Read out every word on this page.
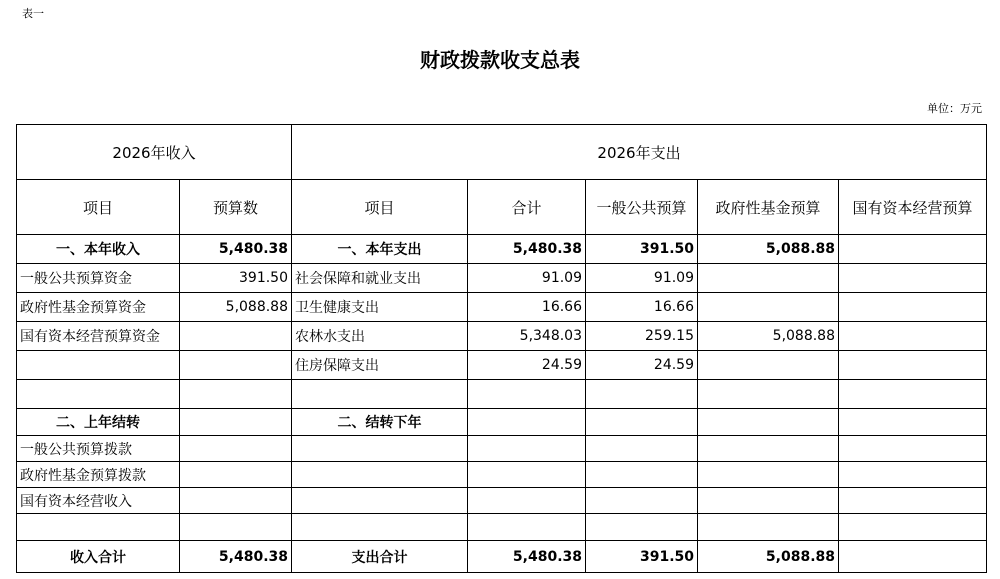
表一
财政拨款收支总表
单位：万元
2026年收入		2026年支出				
项目	预算数	项目	合计	一般公共预算	政府性基金预算	国有资本经营预算
一、本年收入	5,480.38	一、本年支出	5,480.38	391.50	5,088.88	
一般公共预算资金	391.50	社会保障和就业支出	91.09	91.09		
政府性基金预算资金	5,088.88	卫生健康支出	16.66	16.66		
国有资本经营预算资金		农林水支出	5,348.03	259.15	5,088.88	
		住房保障支出	24.59	24.59		

二、上年结转		二、结转下年				
一般公共预算拨款						
政府性基金预算拨款						
国有资本经营收入						

收入合计	5,480.38	支出合计	5,480.38	391.50	5,088.88	
